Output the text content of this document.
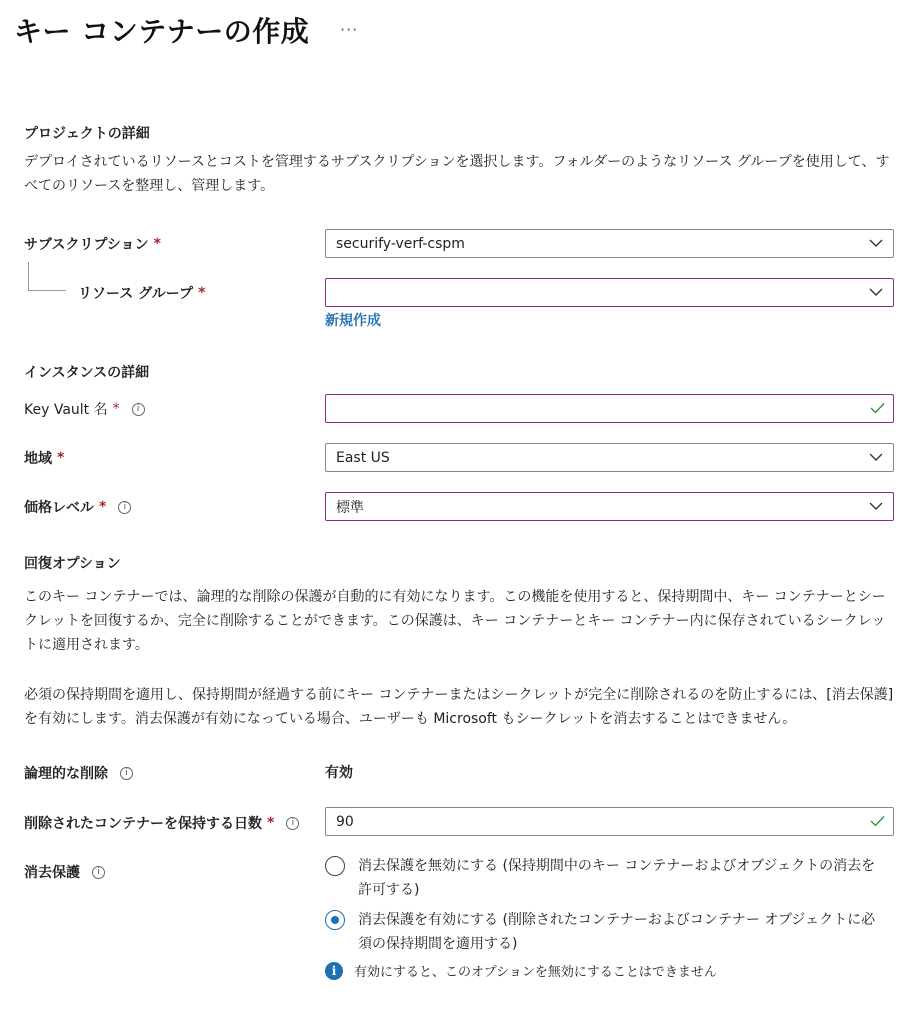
キー コンテナーの作成 ···
プロジェクトの詳細
デプロイされているリソースとコストを管理するサブスクリプションを選択します。フォルダーのようなリソース グループを使用して、すべてのリソースを整理し、管理します。
サブスクリプション *	securify-verf-cspm
リソース グループ *
新規作成
インスタンスの詳細
Key Vault 名 *	i
地域 *	East US
価格レベル *	i	標準
回復オプション
このキー コンテナーでは、論理的な削除の保護が自動的に有効になります。この機能を使用すると、保持期間中、キー コンテナーとシークレットを回復するか、完全に削除することができます。この保護は、キー コンテナーとキー コンテナー内に保存されているシークレットに適用されます。
必須の保持期間を適用し、保持期間が経過する前にキー コンテナーまたはシークレットが完全に削除されるのを防止するには、[消去保護] を有効にします。消去保護が有効になっている場合、ユーザーも Microsoft もシークレットを消去することはできません。
論理的な削除	i	有効
削除されたコンテナーを保持する日数 *	i	90
消去保護	i	消去保護を無効にする (保持期間中のキー コンテナーおよびオブジェクトの消去を許可する)
消去保護を有効にする (削除されたコンテナーおよびコンテナー オブジェクトに必須の保持期間を適用する)
i	有効にすると、このオプションを無効にすることはできません
